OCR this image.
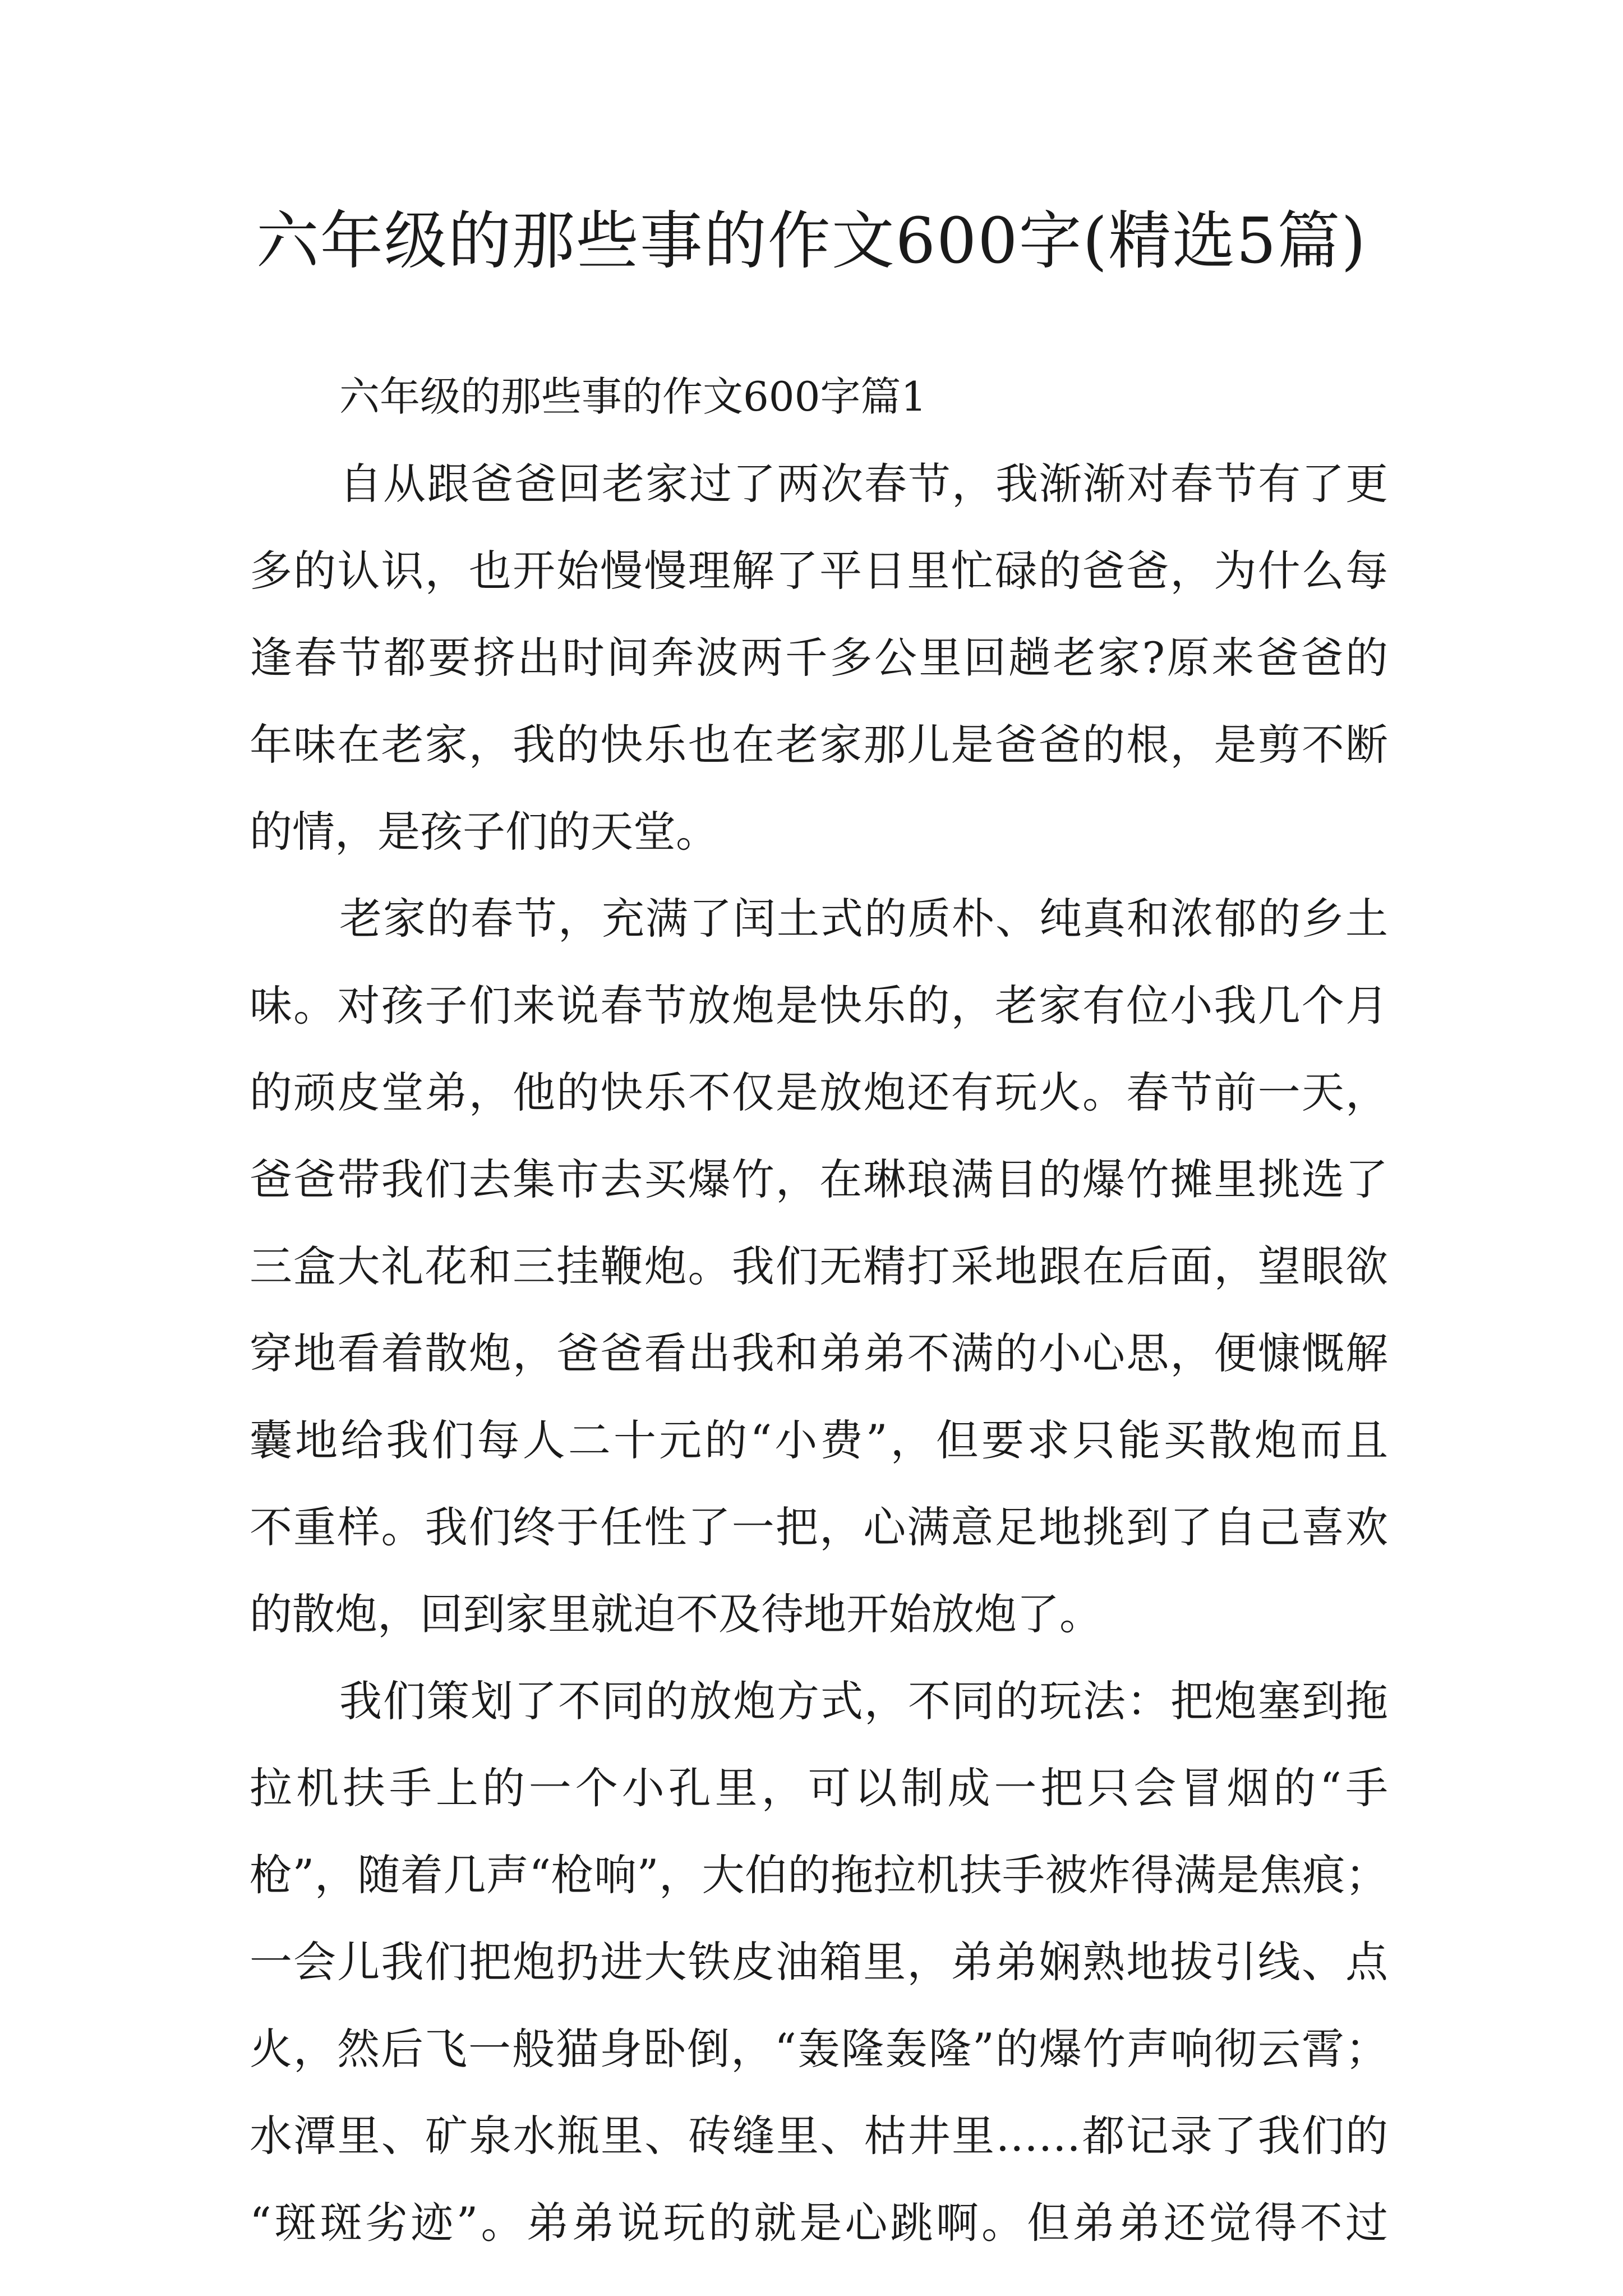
六年级的那些事的作文600字(精选5篇)

六年级的那些事的作文600字篇1

自从跟爸爸回老家过了两次春节，我渐渐对春节有了更
多的认识，也开始慢慢理解了平日里忙碌的爸爸，为什么每
逢春节都要挤出时间奔波两千多公里回趟老家?原来爸爸的
年味在老家，我的快乐也在老家那儿是爸爸的根，是剪不断
的情，是孩子们的天堂。
老家的春节，充满了闰土式的质朴、纯真和浓郁的乡土
味。对孩子们来说春节放炮是快乐的，老家有位小我几个月
的顽皮堂弟，他的快乐不仅是放炮还有玩火。春节前一天，
爸爸带我们去集市去买爆竹，在琳琅满目的爆竹摊里挑选了
三盒大礼花和三挂鞭炮。我们无精打采地跟在后面，望眼欲
穿地看着散炮，爸爸看出我和弟弟不满的小心思，便慷慨解
囊地给我们每人二十元的“小费”，但要求只能买散炮而且
不重样。我们终于任性了一把，心满意足地挑到了自己喜欢
的散炮，回到家里就迫不及待地开始放炮了。
我们策划了不同的放炮方式，不同的玩法：把炮塞到拖
拉机扶手上的一个小孔里，可以制成一把只会冒烟的“手
枪”，随着几声“枪响”，大伯的拖拉机扶手被炸得满是焦痕；
一会儿我们把炮扔进大铁皮油箱里，弟弟娴熟地拔引线、点
火，然后飞一般猫身卧倒，“轰隆轰隆”的爆竹声响彻云霄；
水潭里、矿泉水瓶里、砖缝里、枯井里……都记录了我们的
“斑斑劣迹”。弟弟说玩的就是心跳啊。但弟弟还觉得不过
